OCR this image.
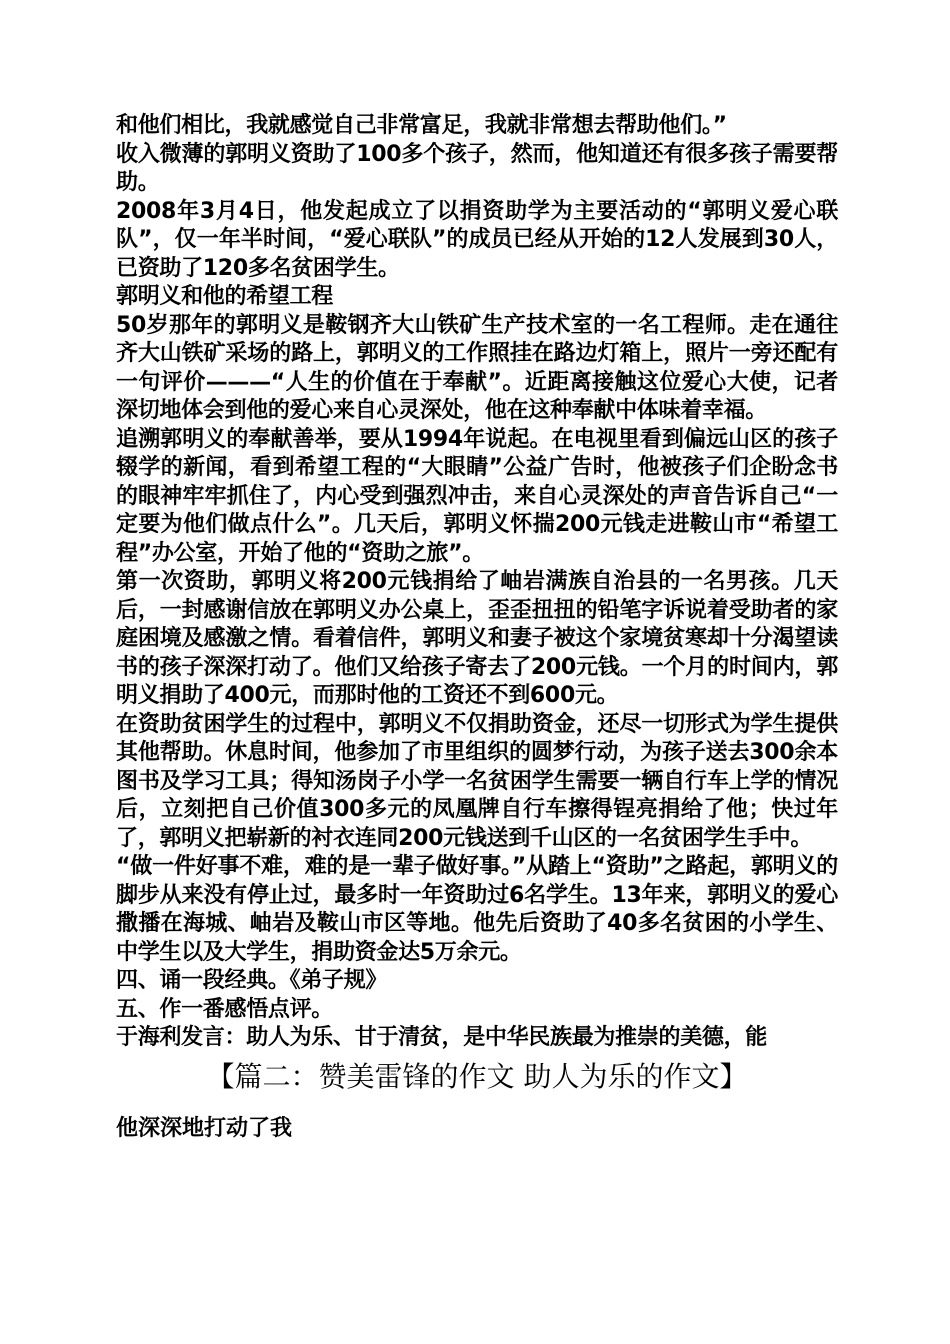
和他们相比，我就感觉自己非常富足，我就非常想去帮助他们。”

收入微薄的郭明义资助了100多个孩子，然而，他知道还有很多孩子需要帮助。

2008年3月4日，他发起成立了以捐资助学为主要活动的“郭明义爱心联队”，仅一年半时间，“爱心联队”的成员已经从开始的12人发展到30人，已资助了120多名贫困学生。

郭明义和他的希望工程

50岁那年的郭明义是鞍钢齐大山铁矿生产技术室的一名工程师。走在通往齐大山铁矿采场的路上，郭明义的工作照挂在路边灯箱上，照片一旁还配有一句评价———“人生的价值在于奉献”。近距离接触这位爱心大使，记者深切地体会到他的爱心来自心灵深处，他在这种奉献中体味着幸福。

追溯郭明义的奉献善举，要从1994年说起。在电视里看到偏远山区的孩子辍学的新闻，看到希望工程的“大眼睛”公益广告时，他被孩子们企盼念书的眼神牢牢抓住了，内心受到强烈冲击，来自心灵深处的声音告诉自己“一定要为他们做点什么”。几天后，郭明义怀揣200元钱走进鞍山市“希望工程”办公室，开始了他的“资助之旅”。

第一次资助，郭明义将200元钱捐给了岫岩满族自治县的一名男孩。几天后，一封感谢信放在郭明义办公桌上，歪歪扭扭的铅笔字诉说着受助者的家庭困境及感激之情。看着信件，郭明义和妻子被这个家境贫寒却十分渴望读书的孩子深深打动了。他们又给孩子寄去了200元钱。一个月的时间内，郭明义捐助了400元，而那时他的工资还不到600元。

在资助贫困学生的过程中，郭明义不仅捐助资金，还尽一切形式为学生提供其他帮助。休息时间，他参加了市里组织的圆梦行动，为孩子送去300余本图书及学习工具；得知汤岗子小学一名贫困学生需要一辆自行车上学的情况后，立刻把自己价值300多元的凤凰牌自行车擦得锃亮捐给了他；快过年了，郭明义把崭新的衬衣连同200元钱送到千山区的一名贫困学生手中。

“做一件好事不难，难的是一辈子做好事。”从踏上“资助”之路起，郭明义的脚步从来没有停止过，最多时一年资助过6名学生。13年来，郭明义的爱心撒播在海城、岫岩及鞍山市区等地。他先后资助了40多名贫困的小学生、中学生以及大学生，捐助资金达5万余元。

四、诵一段经典。《弟子规》

五、作一番感悟点评。

于海利发言：助人为乐、甘于清贫，是中华民族最为推崇的美德，能

【篇二：赞美雷锋的作文 助人为乐的作文】
他深深地打动了我
